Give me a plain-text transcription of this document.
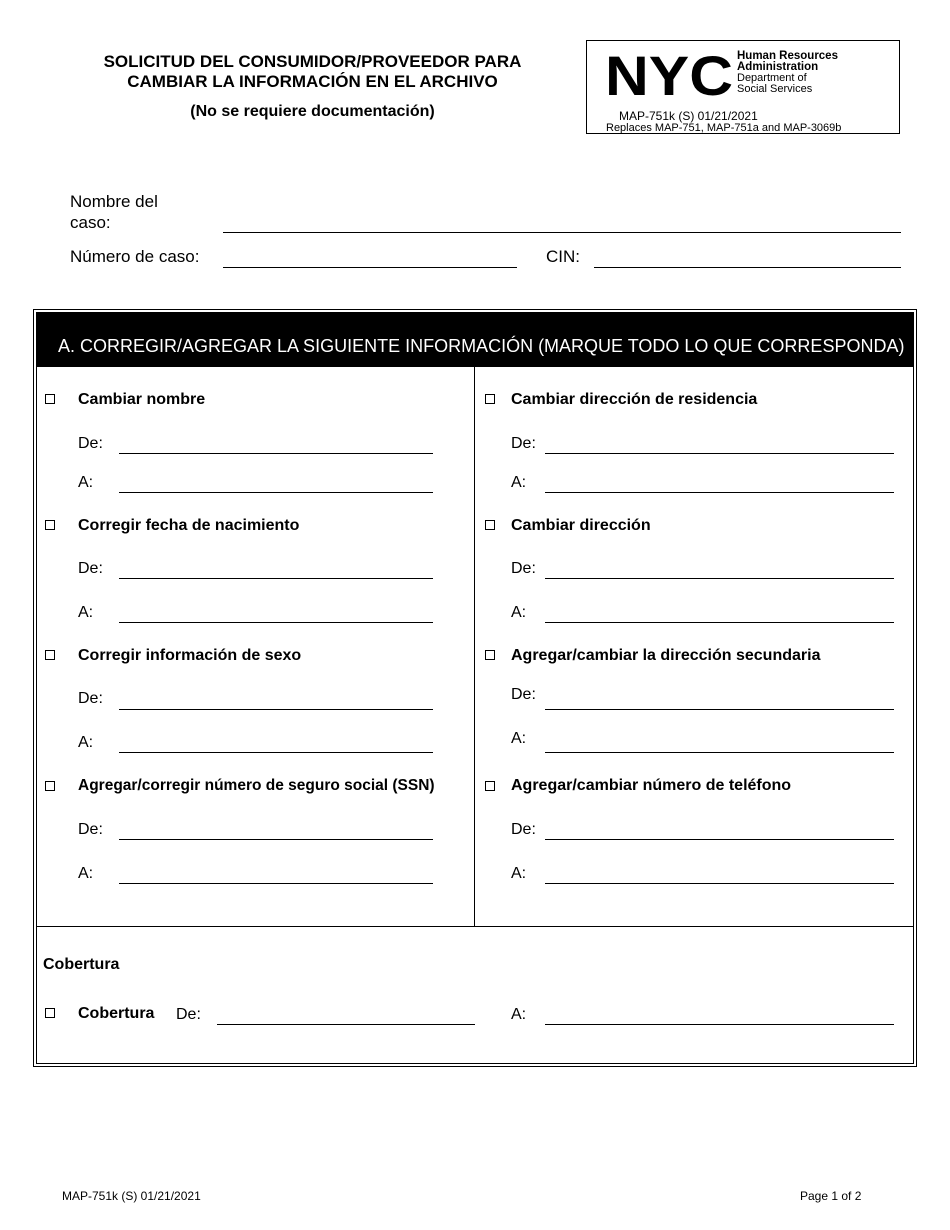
SOLICITUD DEL CONSUMIDOR/PROVEEDOR PARA
CAMBIAR LA INFORMACIÓN EN EL ARCHIVO
(No se requiere documentación)
NYC Human Resources
Administration
Department of
Social Services
MAP-751k (S) 01/21/2021
Replaces MAP-751, MAP-751a and MAP-3069b
Nombre del
caso:
Número de caso:	CIN:
A. CORREGIR/AGREGAR LA SIGUIENTE INFORMACIÓN (MARQUE TODO LO QUE CORRESPONDA)
Cambiar nombre
De:
A:
Corregir fecha de nacimiento
De:
A:
Corregir información de sexo
De:
A:
Agregar/corregir número de seguro social (SSN)
De:
A:
Cambiar dirección de residencia
De:
A:
Cambiar dirección
De:
A:
Agregar/cambiar la dirección secundaria
De:
A:
Agregar/cambiar número de teléfono
De:
A:
Cobertura
Cobertura De:	A:
MAP-751k (S) 01/21/2021	Page 1 of 2
